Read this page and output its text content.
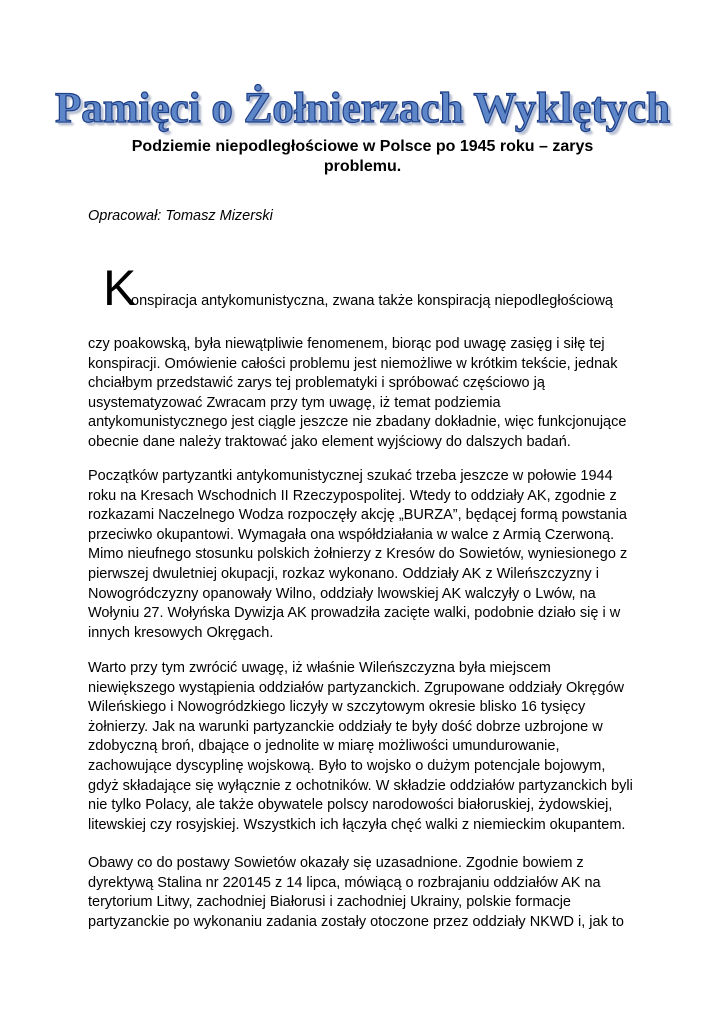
Pamięci o Żołnierzach Wyklętych
Podziemie niepodległościowe w Polsce po 1945 roku – zarys
problemu.
Opracował: Tomasz Mizerski
K
onspiracja antykomunistyczna, zwana także konspiracją niepodległościową

czy poakowską, była niewątpliwie fenomenem, biorąc pod uwagę zasięg i siłę tej
konspiracji. Omówienie całości problemu jest niemożliwe w krótkim tekście, jednak
chciałbym przedstawić zarys tej problematyki i spróbować częściowo ją
usystematyzować Zwracam przy tym uwagę, iż temat podziemia
antykomunistycznego jest ciągle jeszcze nie zbadany dokładnie, więc funkcjonujące
obecnie dane należy traktować jako element wyjściowy do dalszych badań.

Początków partyzantki antykomunistycznej szukać trzeba jeszcze w połowie 1944
roku na Kresach Wschodnich II Rzeczypospolitej. Wtedy to oddziały AK, zgodnie z
rozkazami Naczelnego Wodza rozpoczęły akcję „BURZA”, będącej formą powstania
przeciwko okupantowi. Wymagała ona współdziałania w walce z Armią Czerwoną.
Mimo nieufnego stosunku polskich żołnierzy z Kresów do Sowietów, wyniesionego z
pierwszej dwuletniej okupacji, rozkaz wykonano. Oddziały AK z Wileńszczyzny i
Nowogródczyzny opanowały Wilno, oddziały lwowskiej AK walczyły o Lwów, na
Wołyniu 27. Wołyńska Dywizja AK prowadziła zacięte walki, podobnie działo się i w
innych kresowych Okręgach.

Warto przy tym zwrócić uwagę, iż właśnie Wileńszczyzna była miejscem
niewiększego wystąpienia oddziałów partyzanckich. Zgrupowane oddziały Okręgów
Wileńskiego i Nowogródzkiego liczyły w szczytowym okresie blisko 16 tysięcy
żołnierzy. Jak na warunki partyzanckie oddziały te były dość dobrze uzbrojone w
zdobyczną broń, dbające o jednolite w miarę możliwości umundurowanie,
zachowujące dyscyplinę wojskową. Było to wojsko o dużym potencjale bojowym,
gdyż składające się wyłącznie z ochotników. W składzie oddziałów partyzanckich byli
nie tylko Polacy, ale także obywatele polscy narodowości białoruskiej, żydowskiej,
litewskiej czy rosyjskiej. Wszystkich ich łączyła chęć walki z niemieckim okupantem.

Obawy co do postawy Sowietów okazały się uzasadnione. Zgodnie bowiem z
dyrektywą Stalina nr 220145 z 14 lipca, mówiącą o rozbrajaniu oddziałów AK na
terytorium Litwy, zachodniej Białorusi i zachodniej Ukrainy, polskie formacje
partyzanckie po wykonaniu zadania zostały otoczone przez oddziały NKWD i, jak to
